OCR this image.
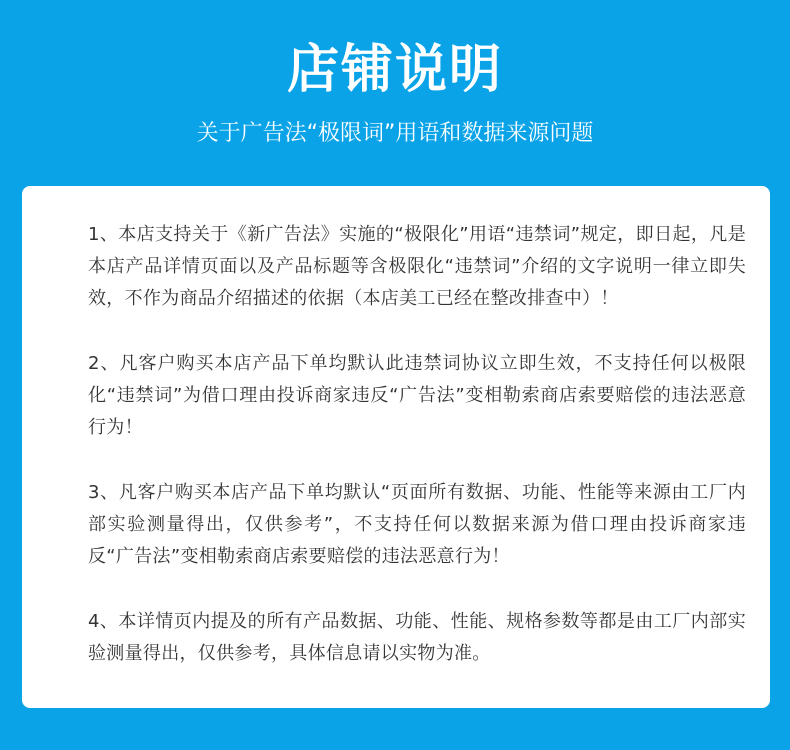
店铺说明
关于广告法“极限词”用语和数据来源问题

1、本店支持关于《新广告法》实施的“极限化”用语“违禁词”规定，即日起，凡是本店产品详情页面以及产品标题等含极限化“违禁词”介绍的文字说明一律立即失效，不作为商品介绍描述的依据（本店美工已经在整改排查中）！

2、凡客户购买本店产品下单均默认此违禁词协议立即生效，不支持任何以极限化“违禁词”为借口理由投诉商家违反“广告法”变相勒索商店索要赔偿的违法恶意行为！

3、凡客户购买本店产品下单均默认“页面所有数据、功能、性能等来源由工厂内部实验测量得出，仅供参考”，不支持任何以数据来源为借口理由投诉商家违反“广告法”变相勒索商店索要赔偿的违法恶意行为！

4、本详情页内提及的所有产品数据、功能、性能、规格参数等都是由工厂内部实验测量得出，仅供参考，具体信息请以实物为准。
